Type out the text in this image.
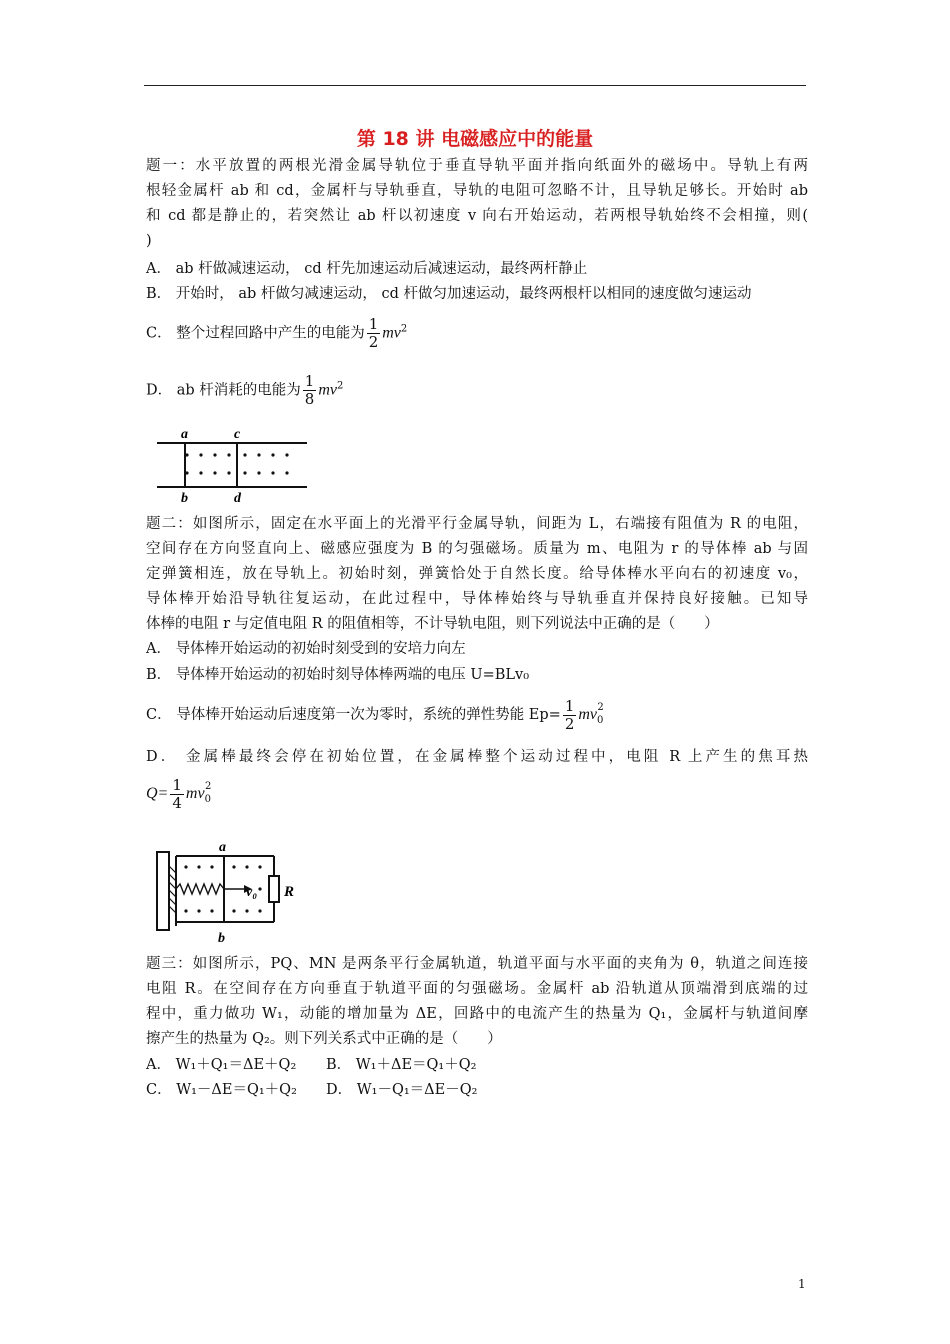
第 18 讲 电磁感应中的能量
题一：水平放置的两根光滑金属导轨位于垂直导轨平面并指向纸面外的磁场中。导轨上有两
根轻金属杆 ab 和 cd，金属杆与导轨垂直，导轨的电阻可忽略不计，且导轨足够长。开始时 ab
和 cd 都是静止的，若突然让 ab 杆以初速度 v 向右开始运动，若两根导轨始终不会相撞，则(
)
A． ab 杆做减速运动， cd 杆先加速运动后减速运动，最终两杆静止
B． 开始时， ab 杆做匀减速运动， cd 杆做匀加速运动，最终两根杆以相同的速度做匀速运动
C． 整个过程回路中产生的电能为 $\frac{1}{2} mv^2$
D． ab 杆消耗的电能为 $\frac{1}{8} mv^2$
a
b
c
d
题二：如图所示，固定在水平面上的光滑平行金属导轨，间距为 L，右端接有阻值为 R 的电阻，
空间存在方向竖直向上、磁感应强度为 B 的匀强磁场。质量为 m、电阻为 r 的导体棒 ab 与固
定弹簧相连，放在导轨上。初始时刻，弹簧恰处于自然长度。给导体棒水平向右的初速度 v₀，
导体棒开始沿导轨往复运动，在此过程中，导体棒始终与导轨垂直并保持良好接触。已知导
体棒的电阻 r 与定值电阻 R 的阻值相等，不计导轨电阻，则下列说法中正确的是（　　）
A． 导体棒开始运动的初始时刻受到的安培力向左
B． 导体棒开始运动的初始时刻导体棒两端的电压 U=BLv₀
C． 导体棒开始运动后速度第一次为零时，系统的弹性势能 $Ep= \frac{1}{2} mv_0^2$
D． 金属棒最终会停在初始位置，在金属棒整个运动过程中，电阻 R 上产生的焦耳热
$Q= \frac{1}{4} mv_0^2$
a
b
v₀ R
题三：如图所示，PQ、MN 是两条平行金属轨道，轨道平面与水平面的夹角为 θ，轨道之间连接
电阻 R。在空间存在方向垂直于轨道平面的匀强磁场。金属杆 ab 沿轨道从顶端滑到底端的过
程中，重力做功 W₁，动能的增加量为 ΔE，回路中的电流产生的热量为 Q₁，金属杆与轨道间摩
擦产生的热量为 Q₂。则下列关系式中正确的是（　　）
A． W₁＋Q₁＝ΔE＋Q₂	B． W₁＋ΔE＝Q₁＋Q₂
C． W₁－ΔE＝Q₁＋Q₂	D． W₁－Q₁＝ΔE－Q₂
1
